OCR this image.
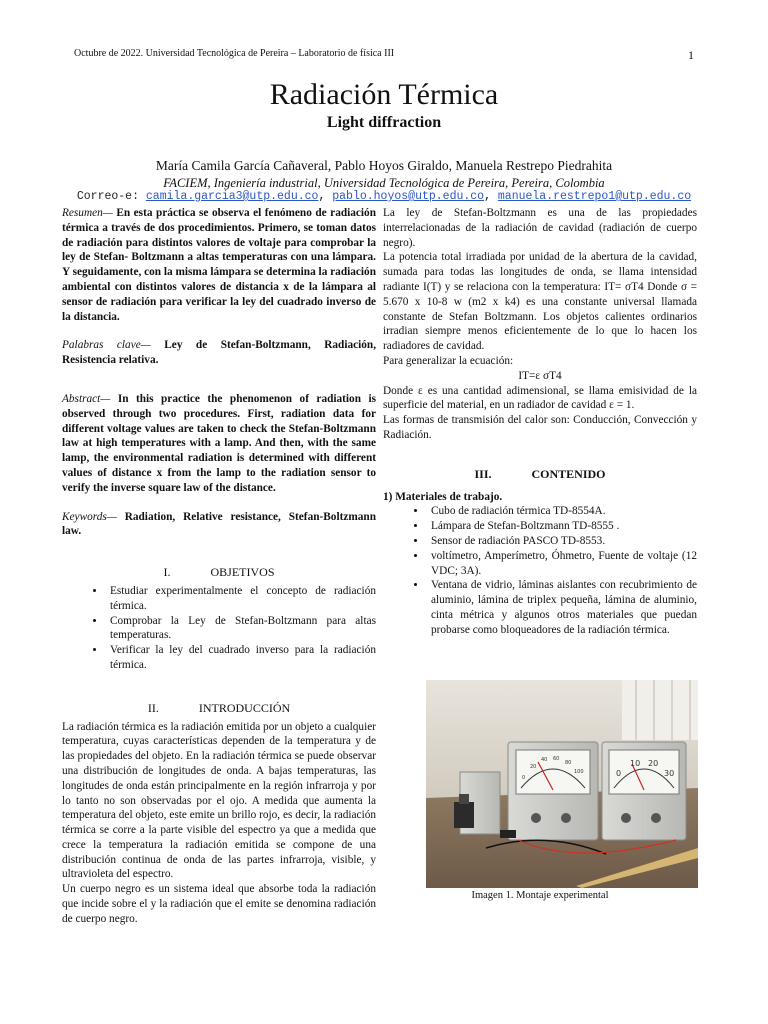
Octubre de 2022. Universidad Tecnológica de Pereira – Laboratorio de física III	1
Radiación Térmica
Light diffraction
María Camila García Cañaveral, Pablo Hoyos Giraldo, Manuela Restrepo Piedrahita
FACIEM, Ingeniería industrial, Universidad Tecnológica de Pereira, Pereira, Colombia
Correo-e: camila.garcia3@utp.edu.co, pablo.hoyos@utp.edu.co, manuela.restrepo1@utp.edu.co

Resumen— En esta práctica se observa el fenómeno de radiación térmica a través de dos procedimientos. Primero, se toman datos de radiación para distintos valores de voltaje para comprobar la ley de Stefan- Boltzmann a altas temperaturas con una lámpara. Y seguidamente, con la misma lámpara se determina la radiación ambiental con distintos valores de distancia x de la lámpara al sensor de radiación para verificar la ley del cuadrado inverso de la distancia.

Palabras clave— Ley de Stefan-Boltzmann, Radiación, Resistencia relativa.

Abstract— In this practice the phenomenon of radiation is observed through two procedures. First, radiation data for different voltage values are taken to check the Stefan-Boltzmann law at high temperatures with a lamp. And then, with the same lamp, the environmental radiation is determined with different values of distance x from the lamp to the radiation sensor to verify the inverse square law of the distance.

Keywords— Radiation, Relative resistance, Stefan-Boltzmann law.

I.	OBJETIVOS
• Estudiar experimentalmente el concepto de radiación térmica.
• Comprobar la Ley de Stefan-Boltzmann para altas temperaturas.
• Verificar la ley del cuadrado inverso para la radiación térmica.
II.	INTRODUCCIÓN

La radiación térmica es la radiación emitida por un objeto a cualquier temperatura, cuyas características dependen de la temperatura y de las propiedades del objeto. En la radiación térmica se puede observar una distribución de longitudes de onda. A bajas temperaturas, las longitudes de onda están principalmente en la región infrarroja y por lo tanto no son observadas por el ojo. A medida que aumenta la temperatura del objeto, este emite un brillo rojo, es decir, la radiación térmica se corre a la parte visible del espectro ya que a medida que crece la temperatura la radiación emitida se compone de una distribución continua de onda de las partes infrarroja, visible, y ultravioleta del espectro.

Un cuerpo negro es un sistema ideal que absorbe toda la radiación que incide sobre el y la radiación que el emite se denomina radiación de cuerpo negro.

La ley de Stefan-Boltzmann es una de las propiedades interrelacionadas de la radiación de cavidad (radiación de cuerpo negro).

La potencia total irradiada por unidad de la abertura de la cavidad, sumada para todas las longitudes de onda, se llama intensidad radiante I(T) y se relaciona con la temperatura: IT= σT4 Donde σ = 5.670 x 10-8 w (m2 x k4) es una constante universal llamada constante de Stefan Boltzmann. Los objetos calientes ordinarios irradian siempre menos eficientemente de lo que lo hacen los radiadores de cavidad.

Para generalizar la ecuación:

IT=ε σT4

Donde ε es una cantidad adimensional, se llama emisividad de la superficie del material, en un radiador de cavidad ε = 1.

Las formas de transmisión del calor son: Conducción, Convección y Radiación.

III.	CONTENIDO

1) Materiales de trabajo.

• Cubo de radiación térmica TD-8554A.
• Lámpara de Stefan-Boltzmann TD-8555 .
• Sensor de radiación PASCO TD-8553.
• voltímetro, Amperímetro, Óhmetro, Fuente de voltaje (12 VDC; 3A).
• Ventana de vidrio, láminas aislantes con recubrimiento de aluminio, lámina de triplex pequeña, lámina de aluminio, cinta métrica y algunos otros materiales que puedan probarse como bloqueadores de la radiación térmica.
0
20
40 60
80
100	0
10 20
30
Imagen 1. Montaje experimental
